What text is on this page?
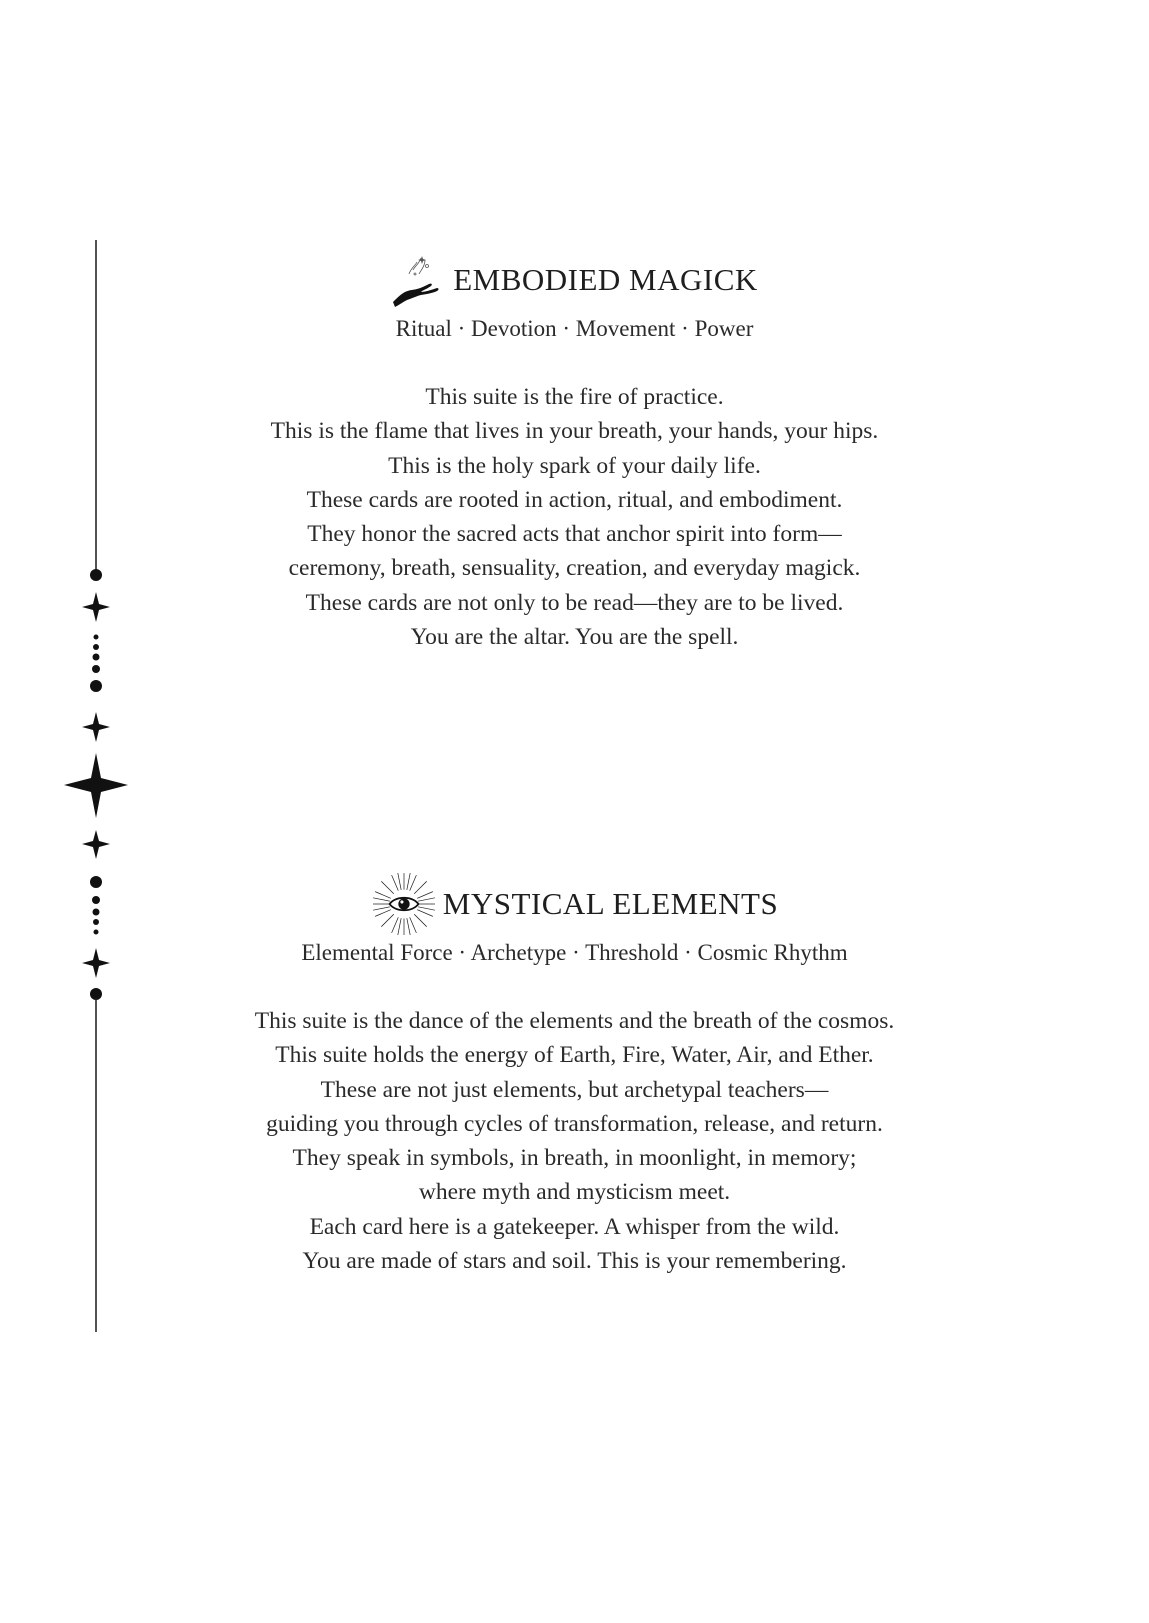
EMBODIED MAGICK
Ritual · Devotion · Movement · Power
This suite is the fire of practice.
This is the flame that lives in your breath, your hands, your hips.
This is the holy spark of your daily life.
These cards are rooted in action, ritual, and embodiment.
They honor the sacred acts that anchor spirit into form—
ceremony, breath, sensuality, creation, and everyday magick.
These cards are not only to be read—they are to be lived.
You are the altar. You are the spell.
MYSTICAL ELEMENTS
Elemental Force · Archetype · Threshold · Cosmic Rhythm
This suite is the dance of the elements and the breath of the cosmos.
This suite holds the energy of Earth, Fire, Water, Air, and Ether.
These are not just elements, but archetypal teachers—
guiding you through cycles of transformation, release, and return.
They speak in symbols, in breath, in moonlight, in memory;
where myth and mysticism meet.
Each card here is a gatekeeper. A whisper from the wild.
You are made of stars and soil. This is your remembering.
